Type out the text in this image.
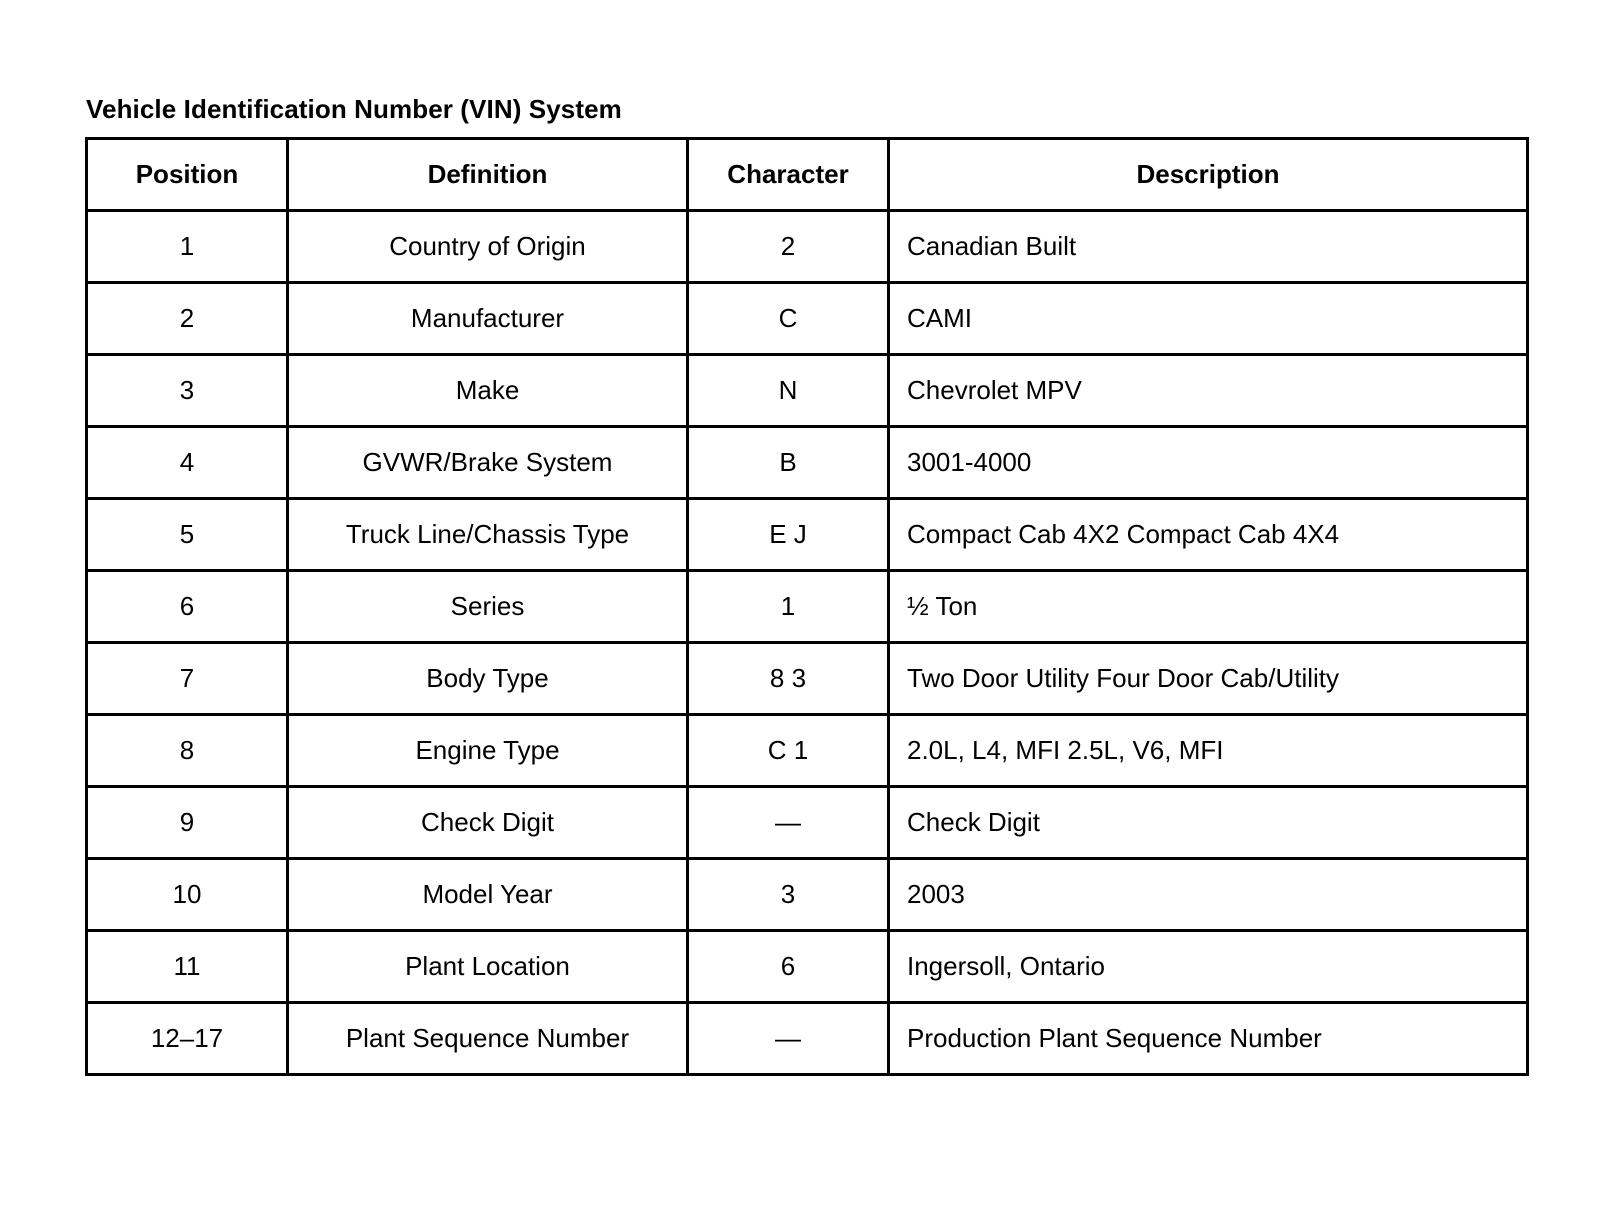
Vehicle Identification Number (VIN) System
Position	Definition	Character	Description
1	Country of Origin	2	Canadian Built
2	Manufacturer	C	CAMI
3	Make	N	Chevrolet MPV
4	GVWR/Brake System	B	3001-4000
5	Truck Line/Chassis Type	E J	Compact Cab 4X2 Compact Cab 4X4
6	Series	1	½ Ton
7	Body Type	8 3	Two Door Utility Four Door Cab/Utility
8	Engine Type	C 1	2.0L, L4, MFI 2.5L, V6, MFI
9	Check Digit	—	Check Digit
10	Model Year	3	2003
11	Plant Location	6	Ingersoll, Ontario
12–17	Plant Sequence Number	—	Production Plant Sequence Number
